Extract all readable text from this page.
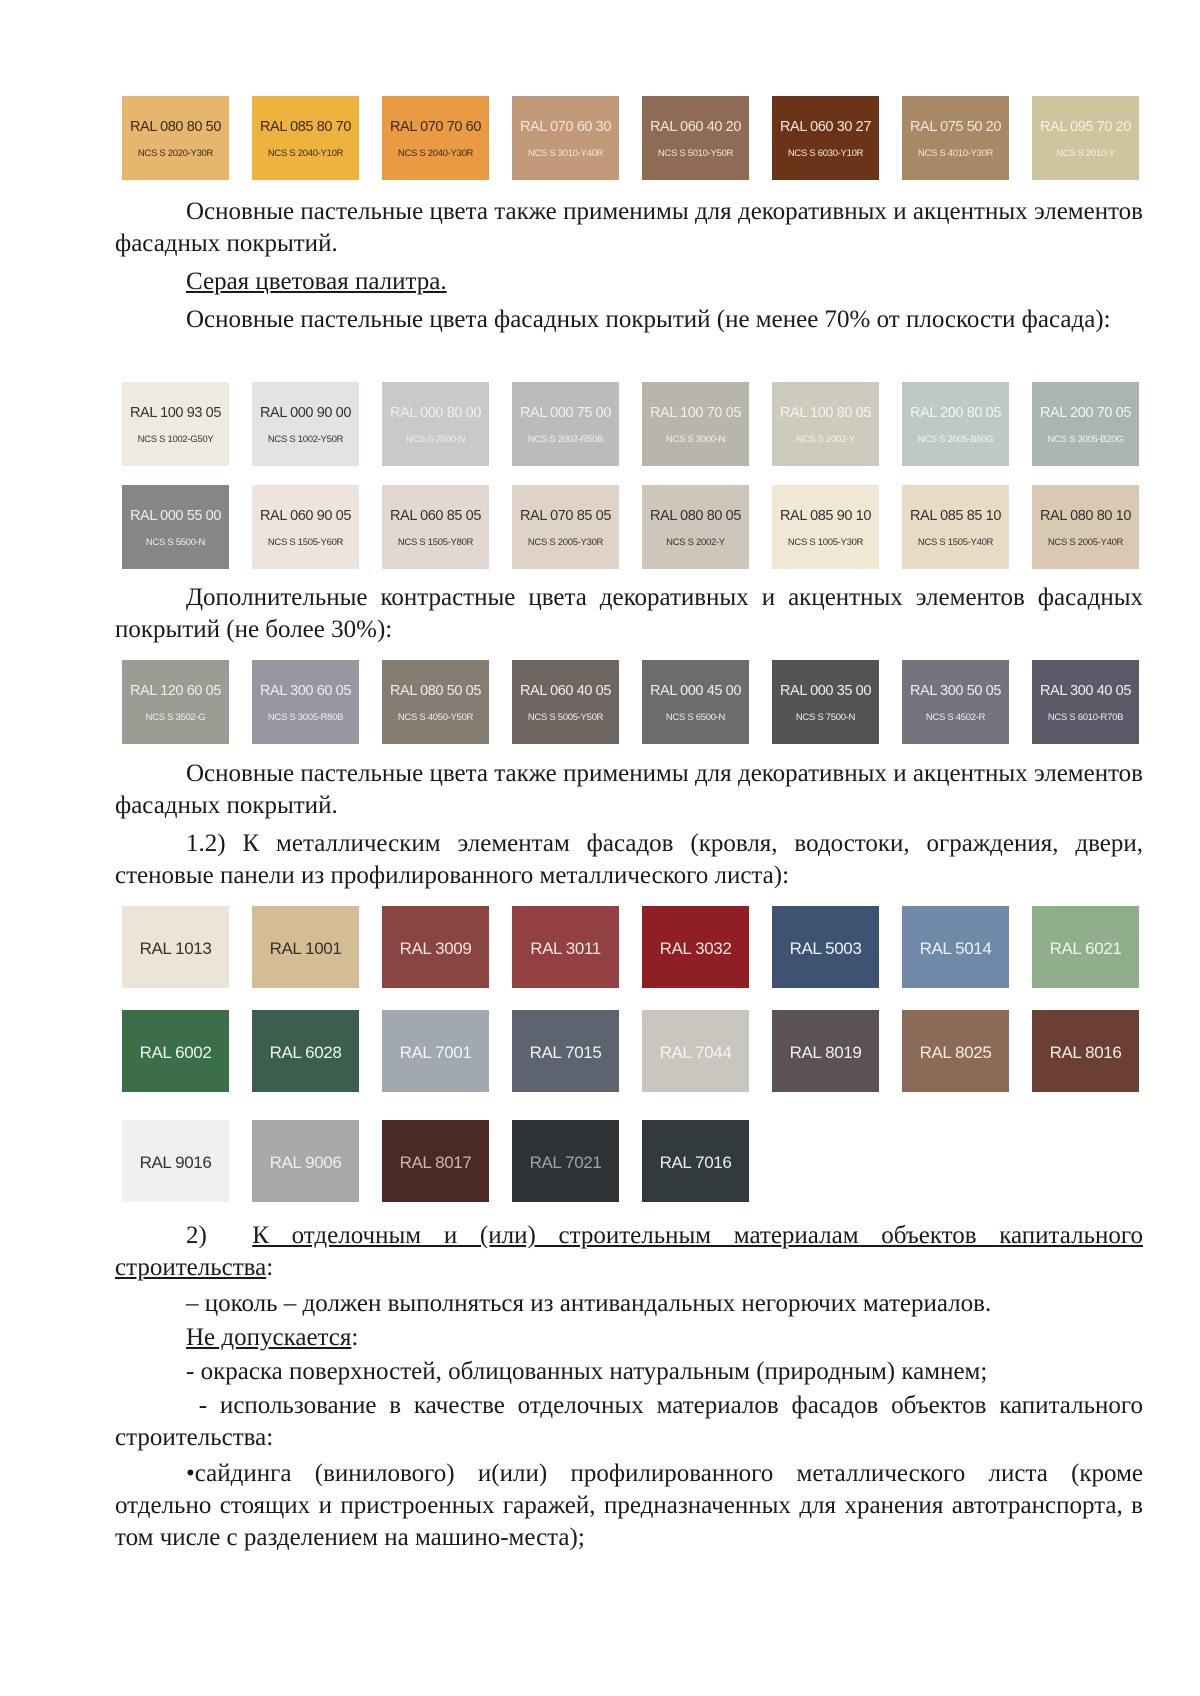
RAL 080 80 50
NCS S 2020-Y30R
RAL 085 80 70
NCS S 2040-Y10R
RAL 070 70 60
NCS S 2040-Y30R
RAL 070 60 30
NCS S 3010-Y40R
RAL 060 40 20
NCS S 5010-Y50R
RAL 060 30 27
NCS S 6030-Y10R
RAL 075 50 20
NCS S 4010-Y30R
RAL 095 70 20
NCS S 2010-Y
Основные пастельные цвета также применимы для декоративных и акцентных элементов фасадных покрытий.
Серая цветовая палитра.
Основные пастельные цвета фасадных покрытий (не менее 70% от плоскости фасада):
RAL 100 93 05
NCS S 1002-G50Y
RAL 000 90 00
NCS S 1002-Y50R
RAL 000 80 00
NCS S 2500-N
RAL 000 75 00
NCS S 2002-R50B
RAL 100 70 05
NCS S 3000-N
RAL 100 80 05
NCS S 2002-Y
RAL 200 80 05
NCS S 2005-B50G
RAL 200 70 05
NCS S 3005-B20G
RAL 000 55 00
NCS S 5500-N
RAL 060 90 05
NCS S 1505-Y60R
RAL 060 85 05
NCS S 1505-Y80R
RAL 070 85 05
NCS S 2005-Y30R
RAL 080 80 05
NCS S 2002-Y
RAL 085 90 10
NCS S 1005-Y30R
RAL 085 85 10
NCS S 1505-Y40R
RAL 080 80 10
NCS S 2005-Y40R
Дополнительные контрастные цвета декоративных и акцентных элементов фасадных покрытий (не более 30%):
RAL 120 60 05
NCS S 3502-G
RAL 300 60 05
NCS S 3005-R80B
RAL 080 50 05
NCS S 4050-Y50R
RAL 060 40 05
NCS S 5005-Y50R
RAL 000 45 00
NCS S 6500-N
RAL 000 35 00
NCS S 7500-N
RAL 300 50 05
NCS S 4502-R
RAL 300 40 05
NCS S 6010-R70B
Основные пастельные цвета также применимы для декоративных и акцентных элементов фасадных покрытий.
1.2) К металлическим элементам фасадов (кровля, водостоки, ограждения, двери, стеновые панели из профилированного металлического листа):
RAL 1013	RAL 1001	RAL 3009	RAL 3011	RAL 3032	RAL 5003	RAL 5014	RAL 6021
RAL 6002	RAL 6028	RAL 7001	RAL 7015	RAL 7044	RAL 8019	RAL 8025	RAL 8016
RAL 9016	RAL 9006	RAL 8017	RAL 7021	RAL 7016
2) К отделочным и (или) строительным материалам объектов капитального строительства:
– цоколь – должен выполняться из антивандальных негорючих материалов.
Не допускается:
- окраска поверхностей, облицованных натуральным (природным) камнем;
- использование в качестве отделочных материалов фасадов объектов капитального строительства:
•сайдинга (винилового) и(или) профилированного металлического листа (кроме отдельно стоящих и пристроенных гаражей, предназначенных для хранения автотранспорта, в том числе с разделением на машино-места);
